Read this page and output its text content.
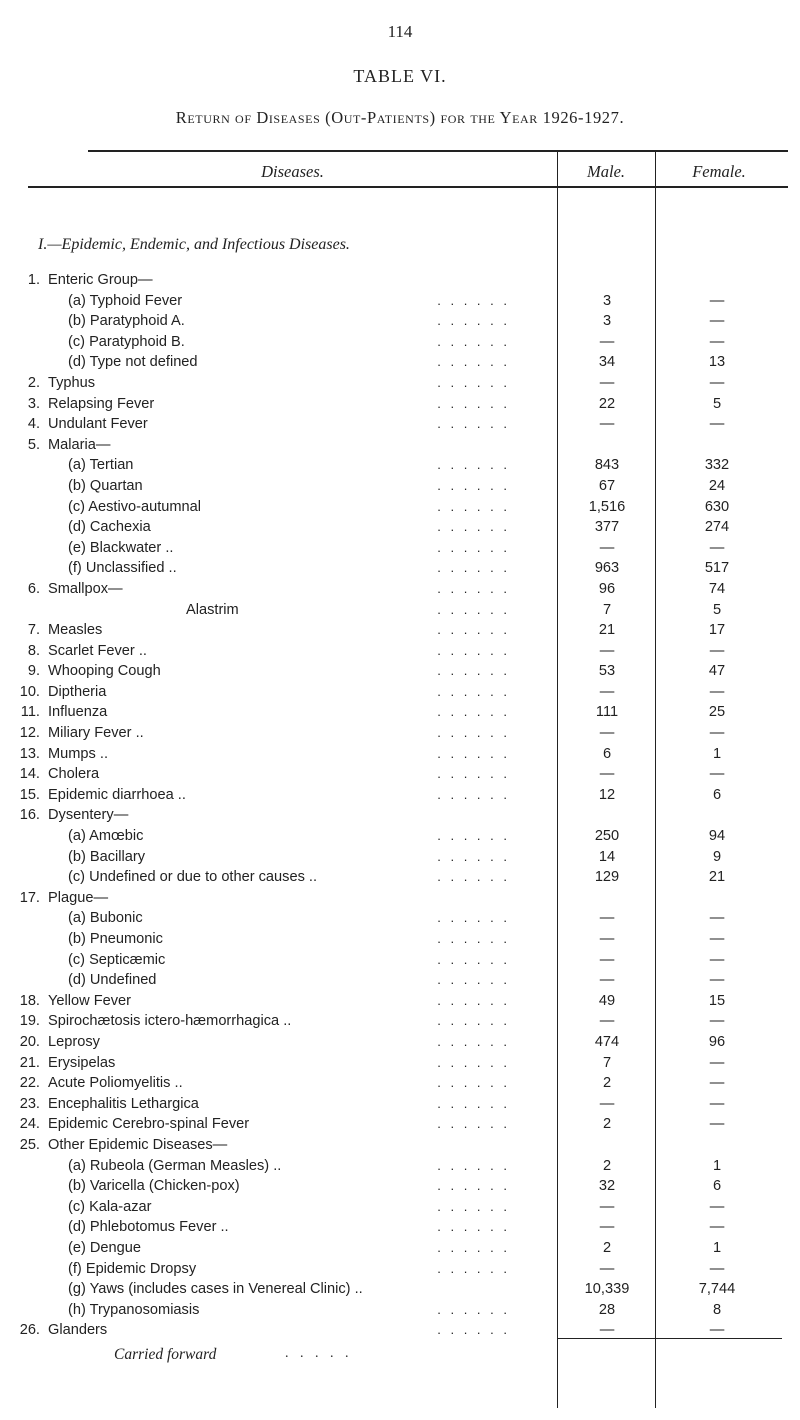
114
TABLE VI.
Return of Diseases (Out-Patients) for the Year 1926-1927.
Diseases.	Male.	Female.
I.—Epidemic, Endemic, and Infectious Diseases.
1. Enteric Group—
(a) Typhoid Fever	. . . . . .	3	—
(b) Paratyphoid A.	. . . . . .	3	—
(c) Paratyphoid B.	. . . . . .	—	—
(d) Type not defined	. . . . . .	34	13
2. Typhus	. . . . . .	—	—
3. Relapsing Fever	. . . . . .	22	5
4. Undulant Fever	. . . . . .	—	—
5. Malaria—
(a) Tertian	. . . . . .	843	332
(b) Quartan	. . . . . .	67	24
(c) Aestivo-autumnal	. . . . . .	1,516	630
(d) Cachexia	. . . . . .	377	274
(e) Blackwater ..	. . . . . .	—	—
(f) Unclassified ..	. . . . . .	963	517
6. Smallpox—	. . . . . .	96	74
Alastrim	. . . . . .	7	5
7. Measles	. . . . . .	21	17
8. Scarlet Fever ..	. . . . . .	—	—
9. Whooping Cough	. . . . . .	53	47
10. Diptheria	. . . . . .	—	—
11. Influenza	. . . . . .	111	25
12. Miliary Fever ..	. . . . . .	—	—
13. Mumps ..	. . . . . .	6	1
14. Cholera	. . . . . .	—	—
15. Epidemic diarrhoea ..	. . . . . .	12	6
16. Dysentery—
(a) Amœbic	. . . . . .	250	94
(b) Bacillary	. . . . . .	14	9
(c) Undefined or due to other causes ..	. . . . . .	129	21
17. Plague—
(a) Bubonic	. . . . . .	—	—
(b) Pneumonic	. . . . . .	—	—
(c) Septicæmic	. . . . . .	—	—
(d) Undefined	. . . . . .	—	—
18. Yellow Fever	. . . . . .	49	15
19. Spirochætosis ictero-hæmorrhagica ..	. . . . . .	—	—
20. Leprosy	. . . . . .	474	96
21. Erysipelas	. . . . . .	7	—
22. Acute Poliomyelitis ..	. . . . . .	2	—
23. Encephalitis Lethargica	. . . . . .	—	—
24. Epidemic Cerebro-spinal Fever	. . . . . .	2	—
25. Other Epidemic Diseases—
(a) Rubeola (German Measles) ..	. . . . . .	2	1
(b) Varicella (Chicken-pox)	. . . . . .	32	6
(c) Kala-azar	. . . . . .	—	—
(d) Phlebotomus Fever ..	. . . . . .	—	—
(e) Dengue	. . . . . .	2	1
(f) Epidemic Dropsy	. . . . . .	—	—
(g) Yaws (includes cases in Venereal Clinic) ..	10,339	7,744
(h) Trypanosomiasis	. . . . . .	28	8
26. Glanders	. . . . . .	—	—
Carried forward	. . . . .
